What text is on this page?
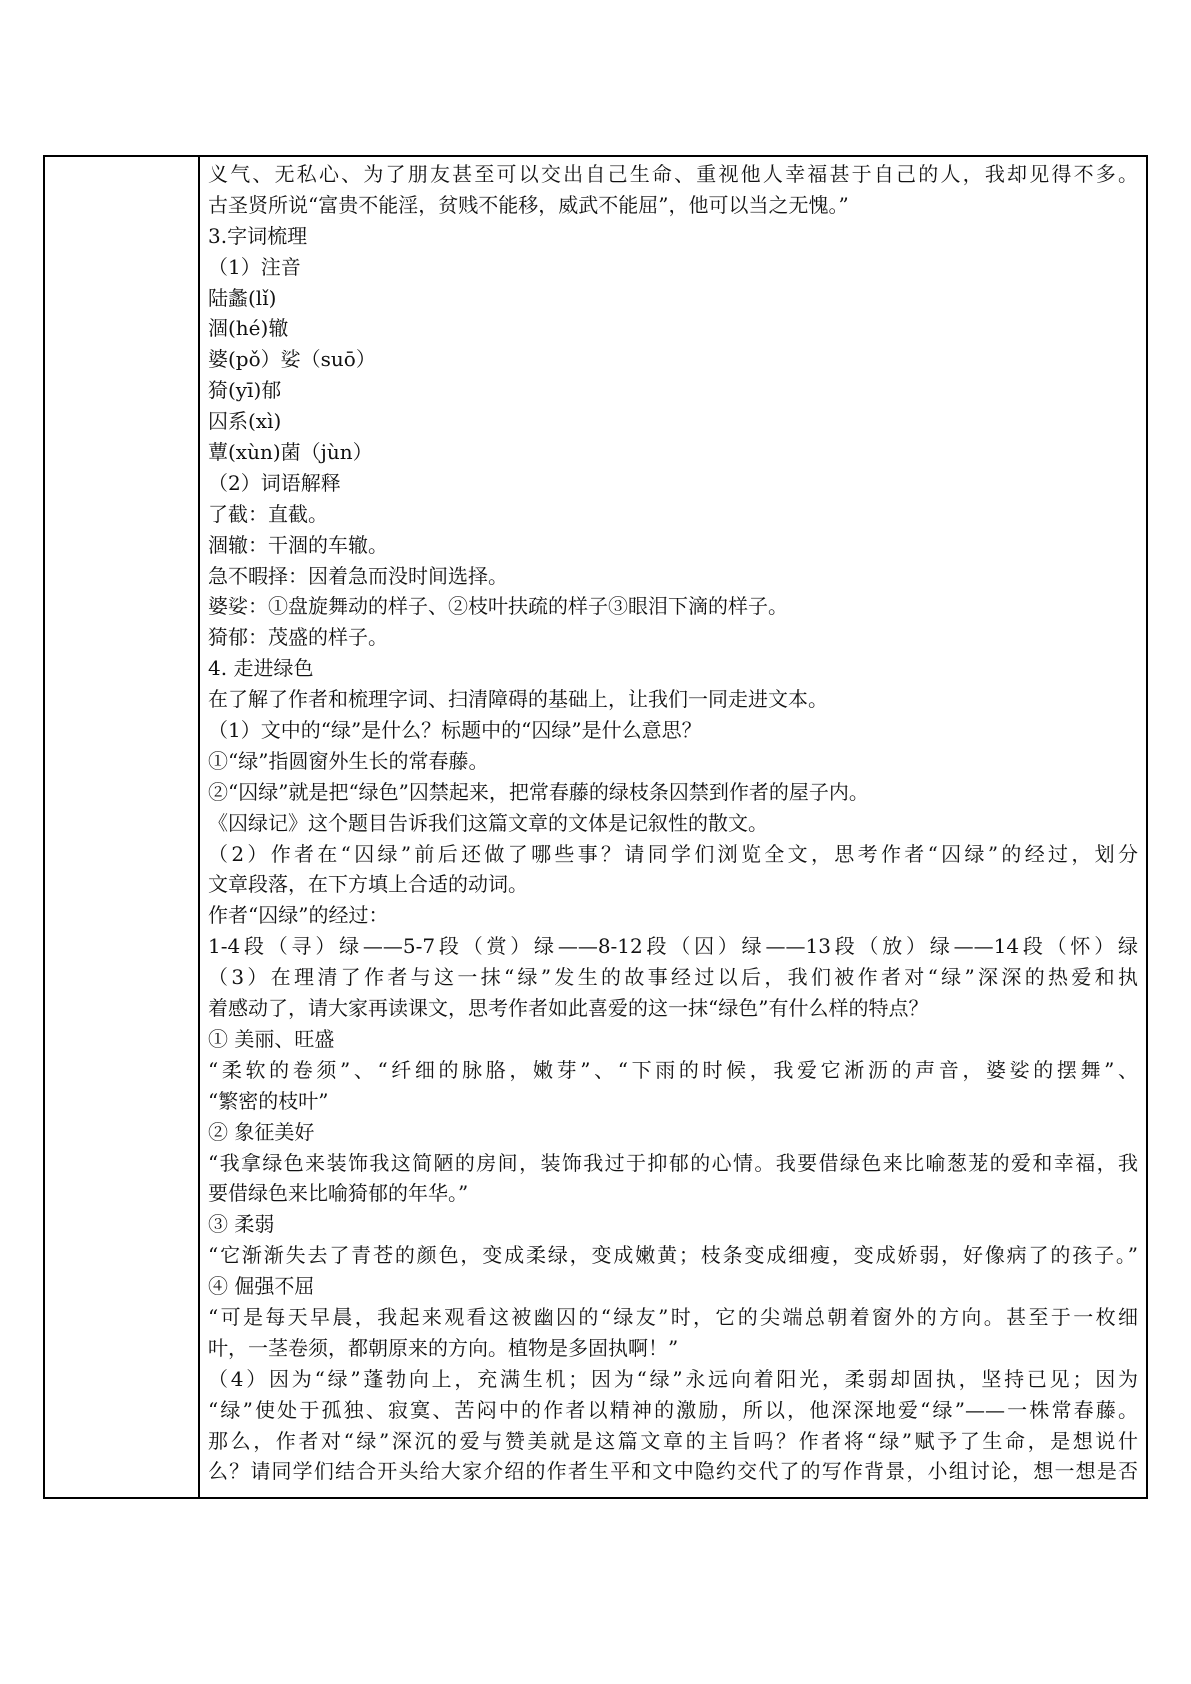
义气、无私心、为了朋友甚至可以交出自己生命、重视他人幸福甚于自己的人，我却见得不多。
古圣贤所说“富贵不能淫，贫贱不能移，威武不能屈”，他可以当之无愧。”
3.字词梳理
（1）注音
陆蠡(lǐ)
涸(hé)辙
婆(pǒ）娑（suō）
猗(yī)郁
囚系(xì)
蕈(xùn)菌（jùn）
（2）词语解释
了截：直截。
涸辙：干涸的车辙。
急不暇择：因着急而没时间选择。
婆娑：①盘旋舞动的样子、②枝叶扶疏的样子③眼泪下滴的样子。
猗郁：茂盛的样子。
4. 走进绿色
在了解了作者和梳理字词、扫清障碍的基础上，让我们一同走进文本。
（1）文中的“绿”是什么？标题中的“囚绿”是什么意思？
①“绿”指圆窗外生长的常春藤。
②“囚绿”就是把“绿色”囚禁起来，把常春藤的绿枝条囚禁到作者的屋子内。
《囚绿记》这个题目告诉我们这篇文章的文体是记叙性的散文。
（2）作者在“囚绿”前后还做了哪些事？请同学们浏览全文，思考作者“囚绿”的经过，划分
文章段落，在下方填上合适的动词。
作者“囚绿”的经过：
1-4段（寻）绿——5-7段（赏）绿——8-12段（囚）绿——13段（放）绿——14段（怀）绿
（3）在理清了作者与这一抹“绿”发生的故事经过以后，我们被作者对“绿”深深的热爱和执
着感动了，请大家再读课文，思考作者如此喜爱的这一抹“绿色”有什么样的特点？
① 美丽、旺盛
“柔软的卷须”、“纤细的脉胳，嫩芽”、“下雨的时候，我爱它淅沥的声音，婆娑的摆舞”、
“繁密的枝叶”
② 象征美好
“我拿绿色来装饰我这简陋的房间，装饰我过于抑郁的心情。我要借绿色来比喻葱茏的爱和幸福，我
要借绿色来比喻猗郁的年华。”
③ 柔弱
“它渐渐失去了青苍的颜色，变成柔绿，变成嫩黄；枝条变成细瘦，变成娇弱，好像病了的孩子。”
④ 倔强不屈
“可是每天早晨，我起来观看这被幽囚的“绿友”时，它的尖端总朝着窗外的方向。甚至于一枚细
叶，一茎卷须，都朝原来的方向。植物是多固执啊！”
（4）因为“绿”蓬勃向上，充满生机；因为“绿”永远向着阳光，柔弱却固执，坚持已见；因为
“绿”使处于孤独、寂寞、苦闷中的作者以精神的激励，所以，他深深地爱“绿”——一株常春藤。
那么，作者对“绿”深沉的爱与赞美就是这篇文章的主旨吗？作者将“绿”赋予了生命，是想说什
么？请同学们结合开头给大家介绍的作者生平和文中隐约交代了的写作背景，小组讨论，想一想是否
